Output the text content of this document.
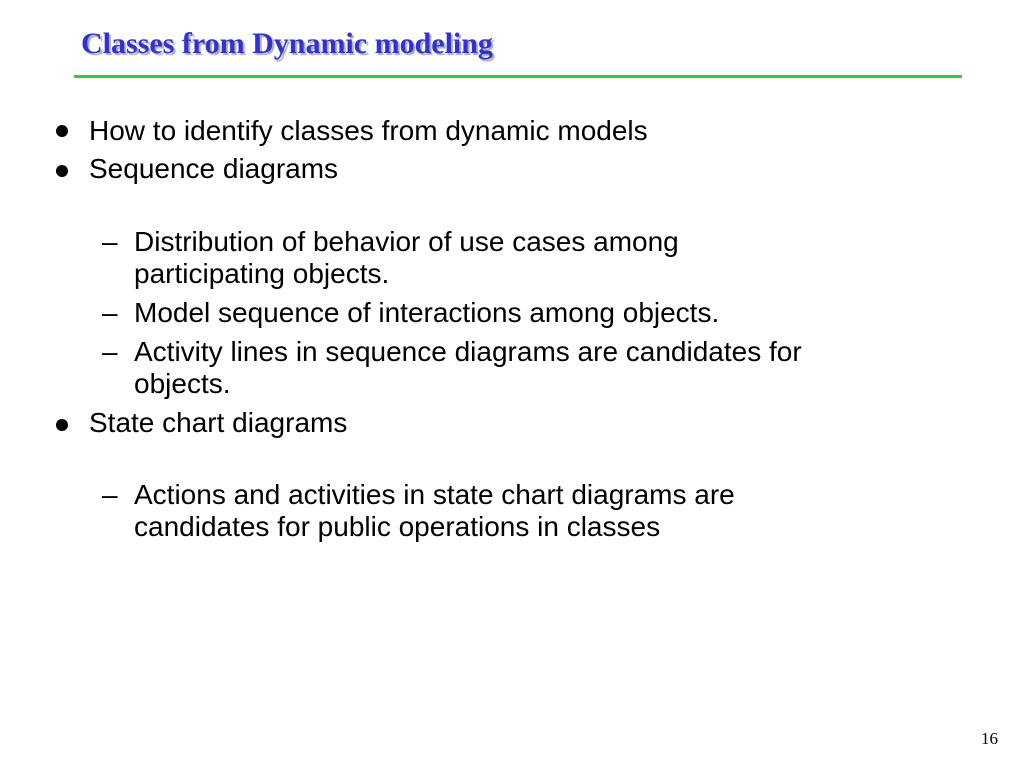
Classes from Dynamic modeling
How to identify classes from dynamic models
Sequence diagrams
– Distribution of behavior of use cases among
participating objects.
– Model sequence of interactions among objects.
– Activity lines in sequence diagrams are candidates for
objects.
State chart diagrams
– Actions and activities in state chart diagrams are
candidates for public operations in classes
16
